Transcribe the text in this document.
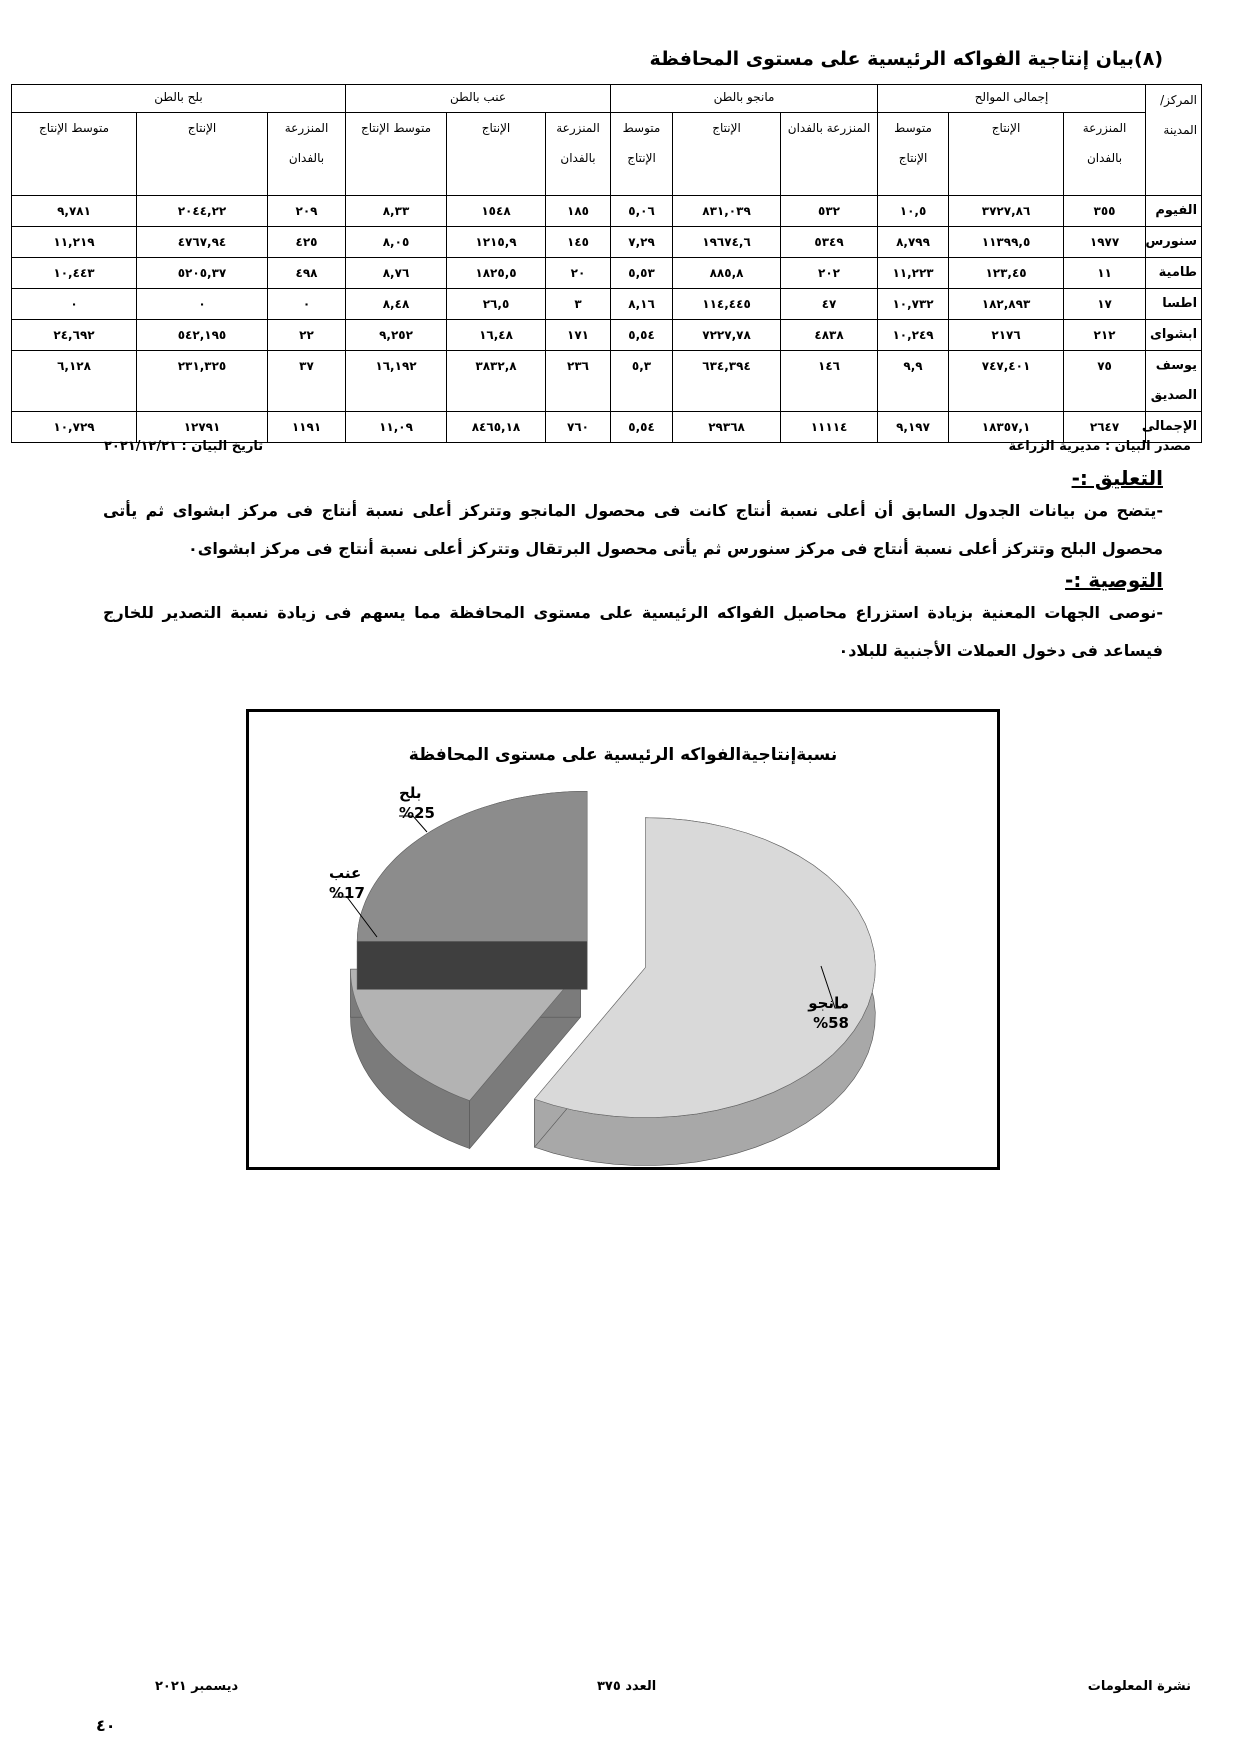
(٨)بيان إنتاجية الفواكه الرئيسية على مستوى المحافظة
المركز/ المدينة	إجمالى الموالح			مانجو بالطن			عنب بالطن			بلح بالطن		
	المنزرعة بالفدان	الإنتاج	متوسط الإنتاج	المنزرعة بالفدان	الإنتاج	متوسط الإنتاج	المنزرعة بالفدان	الإنتاج	متوسط الإنتاج	المنزرعة بالفدان	الإنتاج	متوسط الإنتاج
الفيوم	٣٥٥	٣٧٢٧,٨٦	١٠,٥	٥٣٢	٨٣١,٠٣٩	٥,٠٦	١٨٥	١٥٤٨	٨,٣٣	٢٠٩	٢٠٤٤,٢٢	٩,٧٨١
سنورس	١٩٧٧	١١٣٩٩,٥	٨,٧٩٩	٥٣٤٩	١٩٦٧٤,٦	٧,٢٩	١٤٥	١٢١٥,٩	٨,٠٥	٤٢٥	٤٧٦٧,٩٤	١١,٢١٩
طامية	١١	١٢٣,٤٥	١١,٢٢٣	٢٠٢	٨٨٥,٨	٥,٥٣	٢٠	١٨٢٥,٥	٨,٧٦	٤٩٨	٥٢٠٥,٣٧	١٠,٤٤٣
اطسا	١٧	١٨٢,٨٩٣	١٠,٧٣٢	٤٧	١١٤,٤٤٥	٨,١٦	٣	٢٦,٥	٨,٤٨	٠	٠	٠
ابشواى	٢١٢	٢١٧٦	١٠,٢٤٩	٤٨٣٨	٧٢٢٧,٧٨	٥,٥٤	١٧١	١٦,٤٨	٩,٢٥٢	٢٢	٥٤٢,١٩٥	٢٤,٦٩٢
يوسف الصديق	٧٥	٧٤٧,٤٠١	٩,٩	١٤٦	٦٣٤,٣٩٤	٥,٣	٢٣٦	٣٨٣٢,٨	١٦,١٩٢	٣٧	٢٣١,٣٢٥	٦,١٢٨
الإجمالى	٢٦٤٧	١٨٣٥٧,١	٩,١٩٧	١١١١٤	٢٩٣٦٨	٥,٥٤	٧٦٠	٨٤٦٥,١٨	١١,٠٩	١١٩١	١٢٧٩١	١٠,٧٢٩
مصدر البيان : مديرية الزراعة
تاريخ البيان : ٢٠٢١/١٢/٢١
التعليق :-
-يتضح من بيانات الجدول السابق أن أعلى نسبة أنتاج كانت فى محصول المانجو وتتركز أعلى نسبة أنتاج فى مركز ابشواى ثم يأتى محصول البلح وتتركز أعلى نسبة أنتاج فى مركز سنورس ثم يأتى محصول البرتقال وتتركز أعلى نسبة أنتاج فى مركز ابشواى٠
التوصية :-
-نوصى الجهات المعنية بزيادة استزراع محاصيل الفواكه الرئيسية على مستوى المحافظة مما يسهم فى زيادة نسبة التصدير للخارج فيساعد فى دخول العملات الأجنبية للبلاد٠
نسبةإنتاجيةالفواكه الرئيسية على مستوى المحافظة
مانجو
%58
عنب
%17
بلح
%25
نشرة المعلومات
العدد ٣٧٥
ديسمبر ٢٠٢١
٤٠
